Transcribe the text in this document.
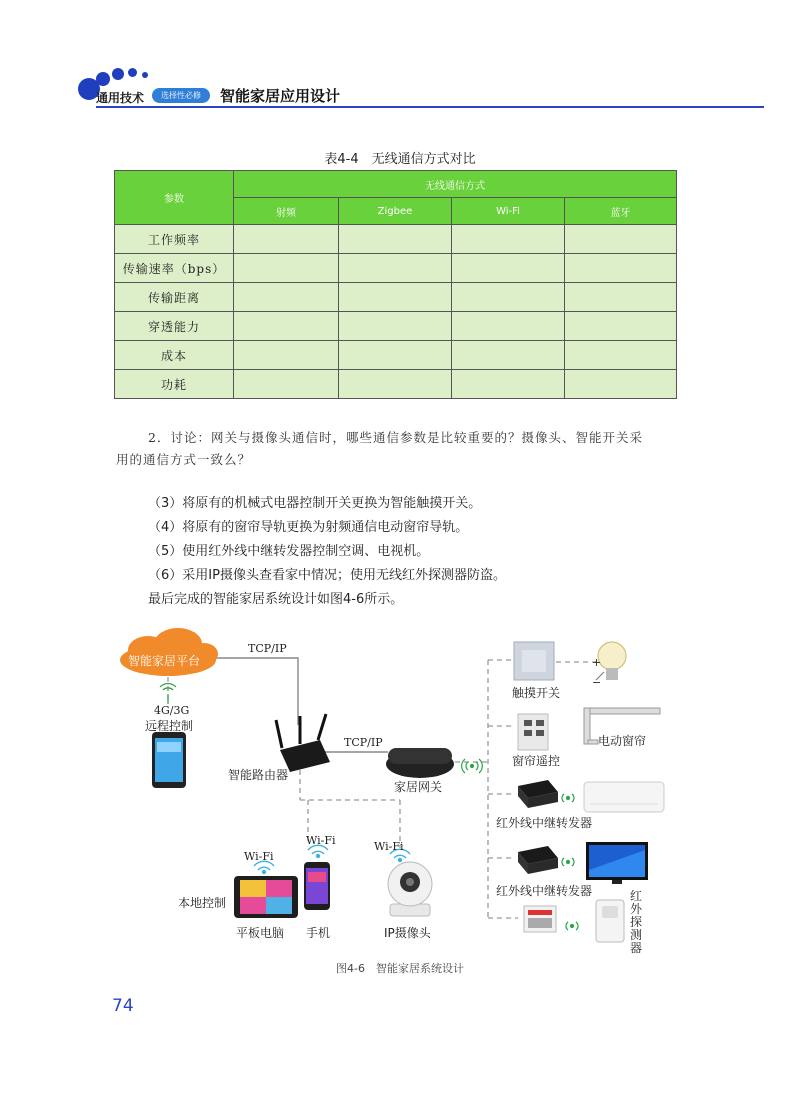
通用技术	选择性必修	智能家居应用设计
表4-4　无线通信方式对比
参数	无线通信方式			
	射频	Zigbee	Wi-Fi	蓝牙
工作频率				
传输速率（bps）				
传输距离				
穿透能力				
成本				
功耗				
2．讨论：网关与摄像头通信时，哪些通信参数是比较重要的？摄像头、智能开关采
用的通信方式一致么？
（3）将原有的机械式电器控制开关更换为智能触摸开关。
（4）将原有的窗帘导轨更换为射频通信电动窗帘导轨。
（5）使用红外线中继转发器控制空调、电视机。
（6）采用IP摄像头查看家中情况；使用无线红外探测器防盗。
最后完成的智能家居系统设计如图4-6所示。
智能家居平台
TCP/IP
TCP/IP
4G/3G
远程控制
智能路由器
家居网关
本地控制
Wi-Fi
Wi-Fi	Wi-Fi
平板电脑 手机	IP摄像头
触摸开关
+
−
窗帘遥控
电动窗帘
红外线中继转发器
红外线中继转发器	红外探测器
图4-6　智能家居系统设计
74
